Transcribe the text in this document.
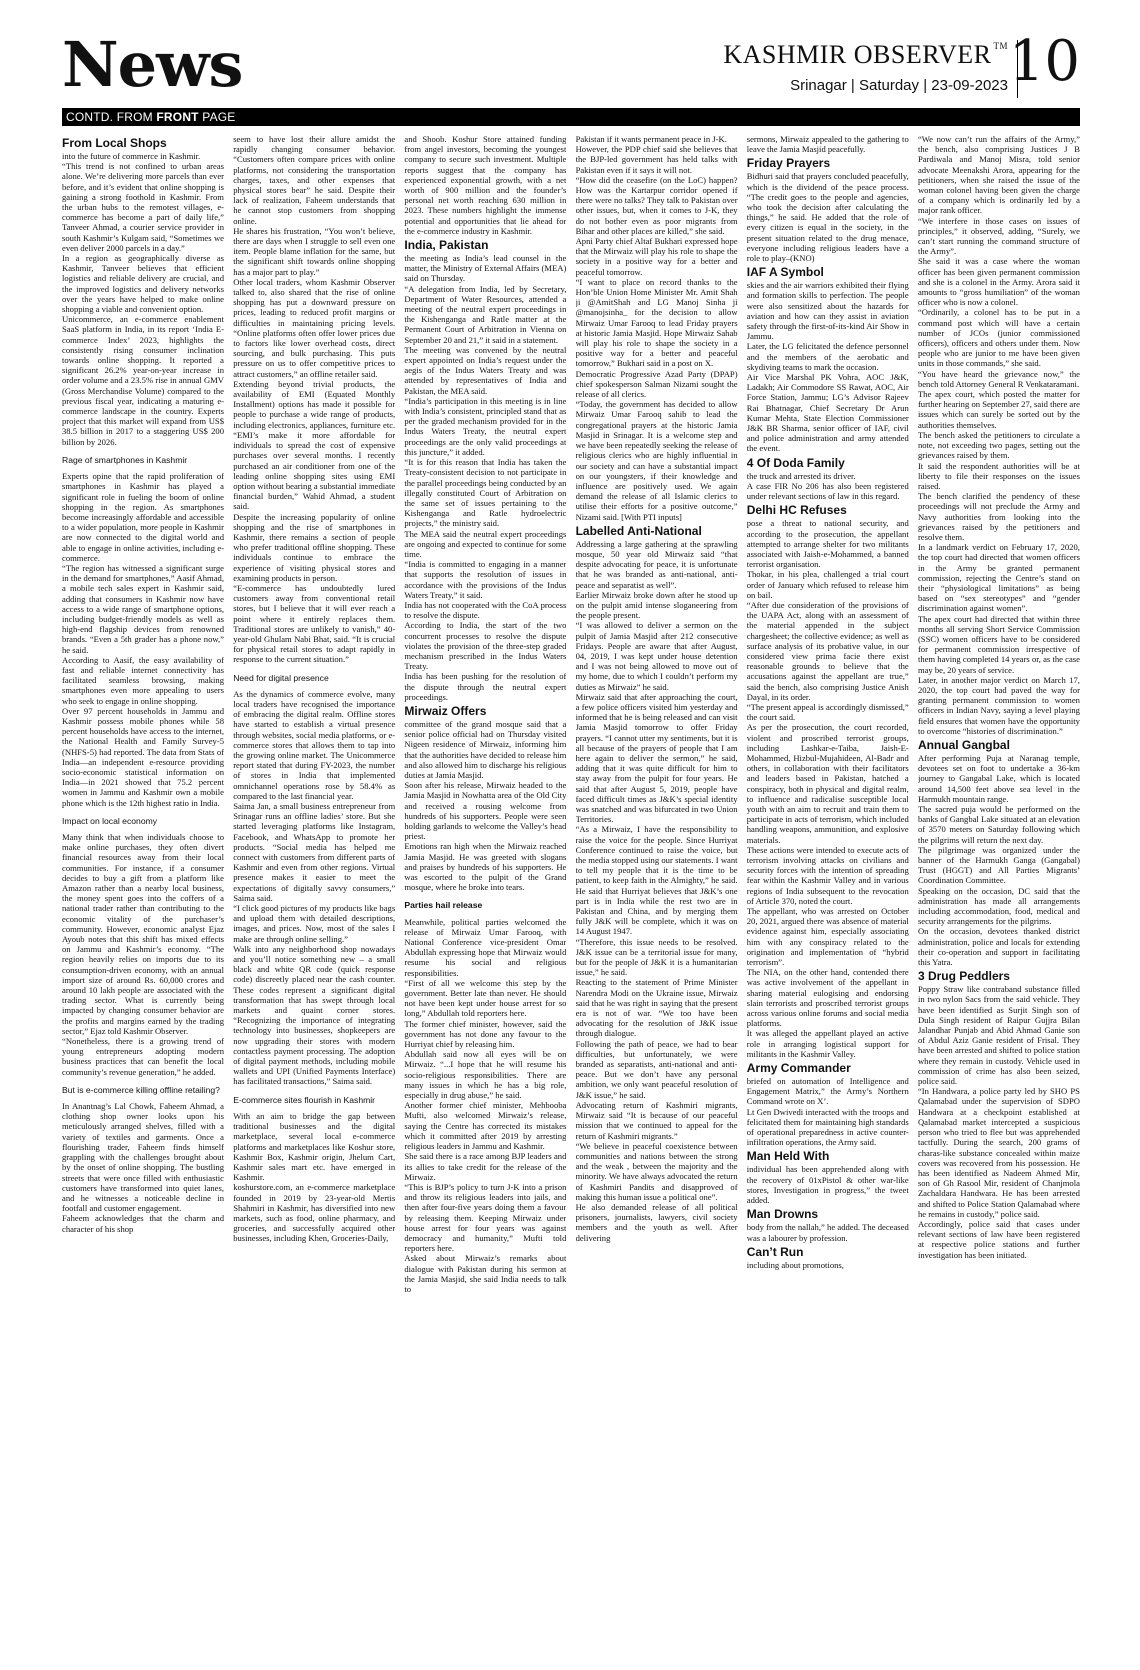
News	KASHMIR OBSERVER ™
Srinagar | Saturday | 23-09-2023 10
CONTD. FROM FRONT PAGE
From Local Shops

into the future of commerce in Kashmir.

“This trend is not confined to urban areas alone. We’re delivering more parcels than ever before, and it’s evident that online shopping is gaining a strong foothold in Kashmir. From the urban hubs to the remotest villages, e-commerce has become a part of daily life,” Tanveer Ahmad, a courier service provider in south Kashmir’s Kulgam said, “Sometimes we even deliver 2000 parcels in a day.”

In a region as geographically diverse as Kashmir, Tanveer believes that efficient logistics and reliable delivery are crucial, and the improved logistics and delivery networks over the years have helped to make online shopping a viable and convenient option.

Unicommerce, an e-commerce enablement SaaS platform in India, in its report ‘India E-commerce Index’ 2023, highlights the consistently rising consumer inclination towards online shopping. It reported a significant 26.2% year-on-year increase in order volume and a 23.5% rise in annual GMV (Gross Merchandise Volume) compared to the previous fiscal year, indicating a maturing e-commerce landscape in the country. Experts project that this market will expand from US$ 38.5 billion in 2017 to a staggering US$ 200 billion by 2026.

Rage of smartphones in Kashmir

Experts opine that the rapid proliferation of smartphones in Kashmir has played a significant role in fueling the boom of online shopping in the region. As smartphones become increasingly affordable and accessible to a wider population, more people in Kashmir are now connected to the digital world and able to engage in online activities, including e-commerce.

“The region has witnessed a significant surge in the demand for smartphones,” Aasif Ahmad, a mobile tech sales expert in Kashmir said, adding that consumers in Kashmir now have access to a wide range of smartphone options, including budget-friendly models as well as high-end flagship devices from renowned brands. “Even a 5th grader has a phone now,” he said.

According to Aasif, the easy availability of fast and reliable internet connectivity has facilitated seamless browsing, making smartphones even more appealing to users who seek to engage in online shopping.

Over 97 percent households in Jammu and Kashmir possess mobile phones while 58 percent households have access to the internet, the National Health and Family Survey-5 (NHFS-5) had reported. The data from Stats of India—an independent e-resource providing socio-economic statistical information on India—in 2021 showed that 75.2 percent women in Jammu and Kashmir own a mobile phone which is the 12th highest ratio in India.

Impact on local economy

Many think that when individuals choose to make online purchases, they often divert financial resources away from their local communities. For instance, if a consumer decides to buy a gift from a platform like Amazon rather than a nearby local business, the money spent goes into the coffers of a national trader rather than contributing to the economic vitality of the purchaser’s community. However, economic analyst Ejaz Ayoub notes that this shift has mixed effects on Jammu and Kashmir’s economy. “The region heavily relies on imports due to its consumption-driven economy, with an annual import size of around Rs. 60,000 crores and around 10 lakh people are associated with the trading sector. What is currently being impacted by changing consumer behavior are the profits and margins earned by the trading sector,” Ejaz told Kashmir Observer.

“Nonetheless, there is a growing trend of young entrepreneurs adopting modern business practices that can benefit the local community’s revenue generation,” he added.

But is e-commerce killing offline retailing?

In Anantnag’s Lal Chowk, Faheem Ahmad, a clothing shop owner looks upon his meticulously arranged shelves, filled with a variety of textiles and garments. Once a flourishing trader, Faheem finds himself grappling with the challenges brought about by the onset of online shopping. The bustling streets that were once filled with enthusiastic customers have transformed into quiet lanes, and he witnesses a noticeable decline in footfall and customer engagement.

Faheem acknowledges that the charm and character of his shop

seem to have lost their allure amidst the rapidly changing consumer behavior. “Customers often compare prices with online platforms, not considering the transportation charges, taxes, and other expenses that physical stores bear” he said. Despite their lack of realization, Faheem understands that he cannot stop customers from shopping online.

He shares his frustration, “You won’t believe, there are days when I struggle to sell even one item. People blame inflation for the same, but the significant shift towards online shopping has a major part to play.”

Other local traders, whom Kashmir Observer talked to, also shared that the rise of online shopping has put a downward pressure on prices, leading to reduced profit margins or difficulties in maintaining pricing levels. “Online platforms often offer lower prices due to factors like lower overhead costs, direct sourcing, and bulk purchasing. This puts pressure on us to offer competitive prices to attract customers,” an offline retailer said.

Extending beyond trivial products, the availability of EMI (Equated Monthly Installment) options has made it possible for people to purchase a wide range of products, including electronics, appliances, furniture etc. “EMI’s make it more affordable for individuals to spread the cost of expensive purchases over several months. I recently purchased an air conditioner from one of the leading online shopping sites using EMI option without bearing a substantial immediate financial burden,” Wahid Ahmad, a student said.

Despite the increasing popularity of online shopping and the rise of smartphones in Kashmir, there remains a section of people who prefer traditional offline shopping. These individuals continue to embrace the experience of visiting physical stores and examining products in person.

“E-commerce has undoubtedly lured customers away from conventional retail stores, but I believe that it will ever reach a point where it entirely replaces them. Traditional stores are unlikely to vanish,” 40-year-old Ghulam Nabi Bhat, said. “It is crucial for physical retail stores to adapt rapidly in response to the current situation.”

Need for digital presence

As the dynamics of commerce evolve, many local traders have recognised the importance of embracing the digital realm. Offline stores have started to establish a virtual presence through websites, social media platforms, or e-commerce stores that allows them to tap into the growing online market. The Unicommerce report stated that during FY-2023, the number of stores in India that implemented omnichannel operations rose by 58.4% as compared to the last financial year.

Saima Jan, a small business entrepreneur from Srinagar runs an offline ladies’ store. But she started leveraging platforms like Instagram, Facebook, and WhatsApp to promote her products. “Social media has helped me connect with customers from different parts of Kashmir and even from other regions. Virtual presence makes it easier to meet the expectations of digitally savvy consumers,” Saima said.

“I click good pictures of my products like bags and upload them with detailed descriptions, images, and prices. Now, most of the sales I make are through online selling.”

Walk into any neighborhood shop nowadays and you’ll notice something new – a small black and white QR code (quick response code) discreetly placed near the cash counter. These codes represent a significant digital transformation that has swept through local markets and quaint corner stores. “Recognizing the importance of integrating technology into businesses, shopkeepers are now upgrading their stores with modern contactless payment processing. The adoption of digital payment methods, including mobile wallets and UPI (Unified Payments Interface) has facilitated transactions,” Saima said.

E-commerce sites flourish in Kashmir

With an aim to bridge the gap between traditional businesses and the digital marketplace, several local e-commerce platforms and marketplaces like Koshur store, Kashmir Box, Kashmir origin, Jhelum Cart, Kashmir sales mart etc. have emerged in Kashmir.

koshurstore.com, an e-commerce marketplace founded in 2019 by 23-year-old Mertis Shahmiri in Kashmir, has diversified into new markets, such as food, online pharmacy, and groceries, and successfully acquired other businesses, including Khen, Groceries-Daily,

and Shoob. Koshur Store attained funding from angel investors, becoming the youngest company to secure such investment. Multiple reports suggest that the company has experienced exponential growth, with a net worth of 900 million and the founder’s personal net worth reaching 630 million in 2023. These numbers highlight the immense potential and opportunities that lie ahead for the e-commerce industry in Kashmir.

India, Pakistan

the meeting as India’s lead counsel in the matter, the Ministry of External Affairs (MEA) said on Thursday.

“A delegation from India, led by Secretary, Department of Water Resources, attended a meeting of the neutral expert proceedings in the Kishenganga and Ratle matter at the Permanent Court of Arbitration in Vienna on September 20 and 21,” it said in a statement.

The meeting was convened by the neutral expert appointed on India’s request under the aegis of the Indus Waters Treaty and was attended by representatives of India and Pakistan, the MEA said.

“India’s participation in this meeting is in line with India’s consistent, principled stand that as per the graded mechanism provided for in the Indus Waters Treaty, the neutral expert proceedings are the only valid proceedings at this juncture,” it added.

“It is for this reason that India has taken the Treaty-consistent decision to not participate in the parallel proceedings being conducted by an illegally constituted Court of Arbitration on the same set of issues pertaining to the Kishenganga and Ratle hydroelectric projects,” the ministry said.

The MEA said the neutral expert proceedings are ongoing and expected to continue for some time.

“India is committed to engaging in a manner that supports the resolution of issues in accordance with the provisions of the Indus Waters Treaty,” it said.

India has not cooperated with the CoA process to resolve the dispute.

According to India, the start of the two concurrent processes to resolve the dispute violates the provision of the three-step graded mechanism prescribed in the Indus Waters Treaty.

India has been pushing for the resolution of the dispute through the neutral expert proceedings.

Mirwaiz Offers

committee of the grand mosque said that a senior police official had on Thursday visited Nigeen residence of Mirwaiz, informing him that the authorities have decided to release him and also allowed him to discharge his religious duties at Jamia Masjid.

Soon after his release, Mirwaiz headed to the Jamia Masjid in Nowhatta area of the Old City and received a rousing welcome from hundreds of his supporters. People were seen holding garlands to welcome the Valley’s head priest.

Emotions ran high when the Mirwaiz reached Jamia Masjid. He was greeted with slogans and praises by hundreds of his supporters. He was escorted to the pulpit of the Grand mosque, where he broke into tears.

Parties hail release

Meanwhile, political parties welcomed the release of Mirwaiz Umar Farooq, with National Conference vice-president Omar Abdullah expressing hope that Mirwaiz would resume his social and religious responsibilities.

“First of all we welcome this step by the government. Better late than never. He should not have been kept under house arrest for so long,” Abdullah told reporters here.

The former chief minister, however, said the government has not done any favour to the Hurriyat chief by releasing him.

Abdullah said now all eyes will be on Mirwaiz. “...I hope that he will resume his socio-religious responsibilities. There are many issues in which he has a big role, especially in drug abuse,” he said.

Another former chief minister, Mehbooba Mufti, also welcomed Mirwaiz’s release, saying the Centre has corrected its mistakes which it committed after 2019 by arresting religious leaders in Jammu and Kashmir.

She said there is a race among BJP leaders and its allies to take credit for the release of the Mirwaiz.

“This is BJP’s policy to turn J-K into a prison and throw its religious leaders into jails, and then after four-five years doing them a favour by releasing them. Keeping Mirwaiz under house arrest for four years was against democracy and humanity,” Mufti told reporters here.

Asked about Mirwaiz’s remarks about dialogue with Pakistan during his sermon at the Jamia Masjid, she said India needs to talk to

Pakistan if it wants permanent peace in J-K.

However, the PDP chief said she believes that the BJP-led government has held talks with Pakistan even if it says it will not.

“How did the ceasefire (on the LoC) happen? How was the Kartarpur corridor opened if there were no talks? They talk to Pakistan over other issues, but, when it comes to J-K, they do not bother even as poor migrants from Bihar and other places are killed,” she said.

Apni Party chief Altaf Bukhari expressed hope that the Mirwaiz will play his role to shape the society in a positive way for a better and peaceful tomorrow.

“I want to place on record thanks to the Hon’ble Union Home Minister Mr. Amit Shah ji @AmitShah and LG Manoj Sinha ji @manojsinha_ for the decision to allow Mirwaiz Umar Farooq to lead Friday prayers at historic Jamia Masjid. Hope Mirwaiz Sahab will play his role to shape the society in a positive way for a better and peaceful tomorrow,” Bukhari said in a post on X.

Democratic Progressive Azad Party (DPAP) chief spokesperson Salman Nizami sought the release of all clerics.

“Today, the government has decided to allow Mirwaiz Umar Farooq sahib to lead the congregational prayers at the historic Jamia Masjid in Srinagar. It is a welcome step and we have been repeatedly seeking the release of religious clerics who are highly influential in our society and can have a substantial impact on our youngsters, if their knowledge and influence are positively used. We again demand the release of all Islamic clerics to utilise their efforts for a positive outcome,” Nizami said. [With PTI inputs]

Labelled Anti-National

Addressing a large gathering at the sprawling mosque, 50 year old Mirwaiz said “that despite advocating for peace, it is unfortunate that he was branded as anti-national, anti-peace and separatist as well”.

Earlier Mirwaiz broke down after he stood up on the pulpit amid intense sloganeering from the people present.

“I was allowed to deliver a sermon on the pulpit of Jamia Masjid after 212 consecutive Fridays. People are aware that after August, 04, 2019, I was kept under house detention and I was not being allowed to move out of my home, due to which I couldn’t perform my duties as Mirwaiz” he said.

Mirwaiz said that after approaching the court, a few police officers visited him yesterday and informed that he is being released and can visit Jamia Masjid tomorrow to offer Friday prayers. “I cannot utter my sentiments, but it is all because of the prayers of people that I am here again to deliver the sermon,” he said, adding that it was quite difficult for him to stay away from the pulpit for four years. He said that after August 5, 2019, people have faced difficult times as J&K’s special identity was snatched and was bifurcated in two Union Territories.

“As a Mirwaiz, I have the responsibility to raise the voice for the people. Since Hurriyat Conference continued to raise the voice, but the media stopped using our statements. I want to tell my people that it is the time to be patient, to keep faith in the Almighty,” he said. He said that Hurriyat believes that J&K’s one part is in India while the rest two are in Pakistan and China, and by merging them fully J&K will be complete, which it was on 14 August 1947.

“Therefore, this issue needs to be resolved. J&K issue can be a territorial issue for many, but for the people of J&K it is a humanitarian issue,” he said.

Reacting to the statement of Prime Minister Narendra Modi on the Ukraine issue, Mirwaiz said that he was right in saying that the present era is not of war. “We too have been advocating for the resolution of J&K issue through dialogue.

Following the path of peace, we had to bear difficulties, but unfortunately, we were branded as separatists, anti-national and anti-peace. But we don’t have any personal ambition, we only want peaceful resolution of J&K issue,” he said.

Advocating return of Kashmiri migrants, Mirwaiz said “It is because of our peaceful mission that we continued to appeal for the return of Kashmiri migrants.”

“We believe in peaceful coexistence between communities and nations between the strong and the weak , between the majority and the minority. We have always advocated the return of Kashmiri Pandits and disapproved of making this human issue a political one”.

He also demanded release of all political prisoners, journalists, lawyers, civil society members and the youth as well. After delivering

sermons, Mirwaiz appealed to the gathering to leave the Jamia Masjid peacefully.

Friday Prayers

Bidhuri said that prayers concluded peacefully, which is the dividend of the peace process. “The credit goes to the people and agencies, who took the decision after calculating the things,” he said. He added that the role of every citizen is equal in the society, in the present situation related to the drug menace, everyone including religious leaders have a role to play–(KNO)

IAF A Symbol

skies and the air warriors exhibited their flying and formation skills to perfection. The people were also sensitized about the hazards for aviation and how can they assist in aviation safety through the first-of-its-kind Air Show in Jammu.

Later, the LG felicitated the defence personnel and the members of the aerobatic and skydiving teams to mark the occasion.

Air Vice Marshal PK Vohra, AOC J&K, Ladakh; Air Commodore SS Rawat, AOC, Air Force Station, Jammu; LG’s Advisor Rajeev Rai Bhatnagar, Chief Secretary Dr Arun Kumar Mehta, State Election Commissioner J&K BR Sharma, senior officer of IAF, civil and police administration and army attended the event.

4 Of Doda Family

the truck and arrested its driver.

A case FIR No 206 has also been registered under relevant sections of law in this regard.

Delhi HC Refuses

pose a threat to national security, and according to the prosecution, the appellant attempted to arrange shelter for two militants associated with Jaish-e-Mohammed, a banned terrorist organisation.

Thokar, in his plea, challenged a trial court order of January which refused to release him on bail.

“After due consideration of the provisions of the UAPA Act, along with an assessment of the material appended in the subject chargesheet; the collective evidence; as well as surface analysis of its probative value, in our considered view prima facie there exist reasonable grounds to believe that the accusations against the appellant are true,” said the bench, also comprising Justice Anish Dayal, in its order.

“The present appeal is accordingly dismissed,” the court said.

As per the prosecution, the court recorded, violent and proscribed terrorist groups, including Lashkar-e-Taiba, Jaish-E-Mohammed, Hizbul-Mujahideen, Al-Badr and others, in collaboration with their facilitators and leaders based in Pakistan, hatched a conspiracy, both in physical and digital realm, to influence and radicalise susceptible local youth with an aim to recruit and train them to participate in acts of terrorism, which included handling weapons, ammunition, and explosive materials.

These actions were intended to execute acts of terrorism involving attacks on civilians and security forces with the intention of spreading fear within the Kashmir Valley and in various regions of India subsequent to the revocation of Article 370, noted the court.

The appellant, who was arrested on October 20, 2021, argued there was absence of material evidence against him, especially associating him with any conspiracy related to the origination and implementation of “hybrid terrorism”.

The NIA, on the other hand, contended there was active involvement of the appellant in sharing material eulogising and endorsing slain terrorists and proscribed terrorist groups across various online forums and social media platforms.

It was alleged the appellant played an active role in arranging logistical support for militants in the Kashmir Valley.

Army Commander

briefed on automation of Intelligence and Engagement Matrix,” the Army’s Northern Command wrote on X’.

Lt Gen Dwivedi interacted with the troops and felicitated them for maintaining high standards of operational preparedness in active counter-infiltration operations, the Army said.

Man Held With

individual has been apprehended along with the recovery of 01xPistol & other war-like stores, Investigation in progress,” the tweet added.

Man Drowns

body from the nallah,” he added. The deceased was a labourer by profession.

Can’t Run

including about promotions,

“We now can’t run the affairs of the Army,” the bench, also comprising Justices J B Pardiwala and Manoj Misra, told senior advocate Meenakshi Arora, appearing for the petitioners, when she raised the issue of the woman colonel having been given the charge of a company which is ordinarily led by a major rank officer.

“We interfere in those cases on issues of principles,” it observed, adding, “Surely, we can’t start running the command structure of the Army”.

She said it was a case where the woman officer has been given permanent commission and she is a colonel in the Army. Arora said it amounts to “gross humiliation” of the woman officer who is now a colonel.

“Ordinarily, a colonel has to be put in a command post which will have a certain number of JCOs (junior commissioned officers), officers and others under them. Now people who are junior to me have been given units in those commands,” she said.

“You have heard the grievance now,” the bench told Attorney General R Venkataramani.

The apex court, which posted the matter for further hearing on September 27, said there are issues which can surely be sorted out by the authorities themselves.

The bench asked the petitioners to circulate a note, not exceeding two pages, setting out the grievances raised by them.

It said the respondent authorities will be at liberty to file their responses on the issues raised.

The bench clarified the pendency of these proceedings will not preclude the Army and Navy authorities from looking into the grievances raised by the petitioners and resolve them.

In a landmark verdict on February 17, 2020, the top court had directed that women officers in the Army be granted permanent commission, rejecting the Centre’s stand on their “physiological limitations” as being based on “sex stereotypes” and “gender discrimination against women”.

The apex court had directed that within three months all serving Short Service Commission (SSC) women officers have to be considered for permanent commission irrespective of them having completed 14 years or, as the case may be, 20 years of service.

Later, in another major verdict on March 17, 2020, the top court had paved the way for granting permanent commission to women officers in Indian Navy, saying a level playing field ensures that women have the opportunity to overcome “histories of discrimination.”

Annual Gangbal

After performing Puja at Naranag temple, devotees set on foot to undertake a 36-km journey to Gangabal Lake, which is located around 14,500 feet above sea level in the Harmukh mountain range.

The sacred puja would be performed on the banks of Gangbal Lake situated at an elevation of 3570 meters on Saturday following which the pilgrims will return the next day.

The pilgrimage was organized under the banner of the Harmukh Ganga (Gangabal) Trust (HGGT) and All Parties Migrants’ Coordination Committee.

Speaking on the occasion, DC said that the administration has made all arrangements including accommodation, food, medical and security arrangements for the pilgrims.

On the occasion, devotees thanked district administration, police and locals for extending their co-operation and support in facilitating this Yatra.

3 Drug Peddlers

Poppy Straw like contraband substance filled in two nylon Sacs from the said vehicle. They have been identified as Surjit Singh son of Dula Singh resident of Raipur Gujjra Bilan Jalandhar Punjab and Abid Ahmad Ganie son of Abdul Aziz Ganie resident of Frisal. They have been arrested and shifted to police station where they remain in custody. Vehicle used in commission of crime has also been seized, police said.

“In Handwara, a police party led by SHO PS Qalamabad under the supervision of SDPO Handwara at a checkpoint established at Qalamabad market intercepted a suspicious person who tried to flee but was apprehended tactfully. During the search, 200 grams of charas-like substance concealed within maize covers was recovered from his possession. He has been identified as Nadeem Ahmed Mir, son of Gh Rasool Mir, resident of Chanjmola Zachaldara Handwara. He has been arrested and shifted to Police Station Qalamabad where he remains in custody,” police said.

Accordingly, police said that cases under relevant sections of law have been registered at respective police stations and further investigation has been initiated.
